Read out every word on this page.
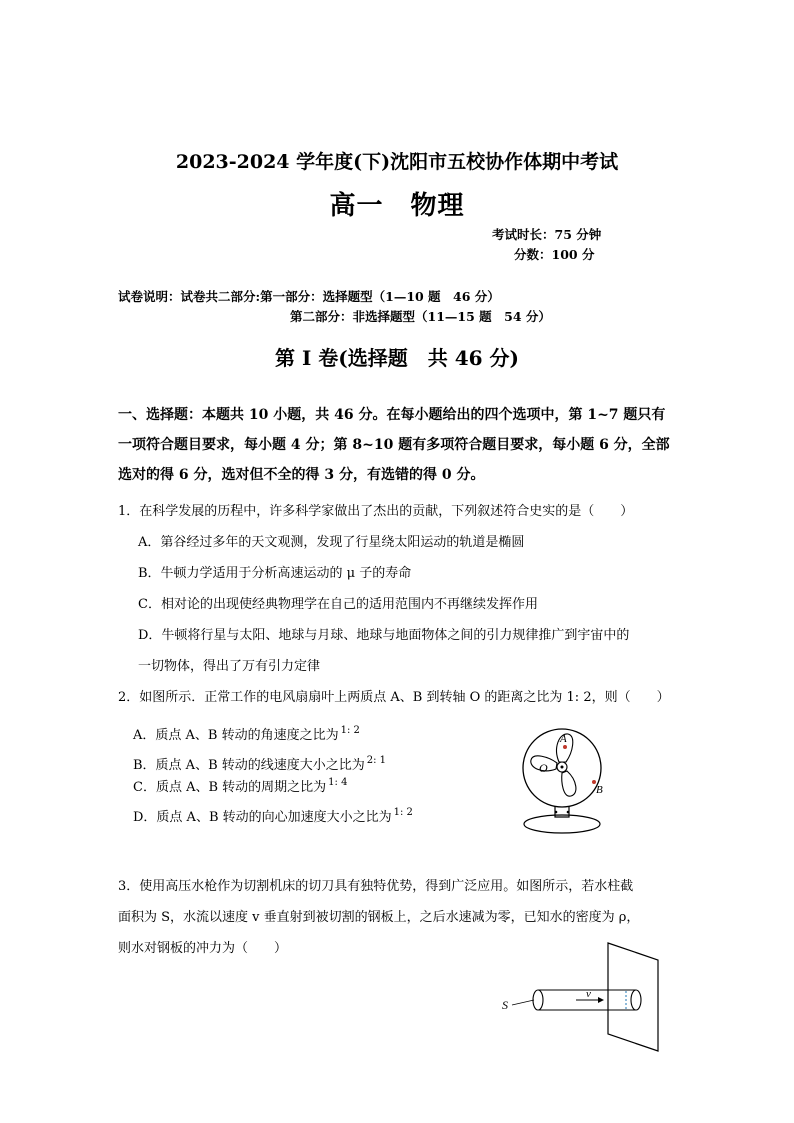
2023-2024 学年度(下)沈阳市五校协作体期中考试
高一　物理
考试时长：75 分钟
分数：100 分
试卷说明：试卷共二部分:第一部分：选择题型（1—10 题　46 分）
第二部分：非选择题型（11—15 题　54 分）
第 I 卷(选择题　共 46 分)
一、选择题：本题共 10 小题，共 46 分。在每小题给出的四个选项中，第 1~7 题只有一项符合题目要求，每小题 4 分；第 8~10 题有多项符合题目要求，每小题 6 分，全部选对的得 6 分，选对但不全的得 3 分，有选错的得 0 分。
1．在科学发展的历程中，许多科学家做出了杰出的贡献，下列叙述符合史实的是（　　）
A．第谷经过多年的天文观测，发现了行星绕太阳运动的轨道是椭圆
B．牛顿力学适用于分析高速运动的 μ 子的寿命
C．相对论的出现使经典物理学在自己的适用范围内不再继续发挥作用
D．牛顿将行星与太阳、地球与月球、地球与地面物体之间的引力规律推广到宇宙中的
一切物体，得出了万有引力定律
2．如图所示．正常工作的电风扇扇叶上两质点 A、B 到转轴 O 的距离之比为 1: 2，则（　　）
A．质点 A、B 转动的角速度之比为 $^{1: 2}$
B．质点 A、B 转动的线速度大小之比为 $^{2: 1}$
C．质点 A、B 转动的周期之比为 $^{1: 4}$
D．质点 A、B 转动的向心加速度大小之比为 $^{1: 2}$
A
O
B
3．使用高压水枪作为切割机床的切刀具有独特优势，得到广泛应用。如图所示，若水柱截
面积为 S，水流以速度 v 垂直射到被切割的钢板上，之后水速减为零，已知水的密度为 ρ，
则水对钢板的冲力为（　　）
S
v
